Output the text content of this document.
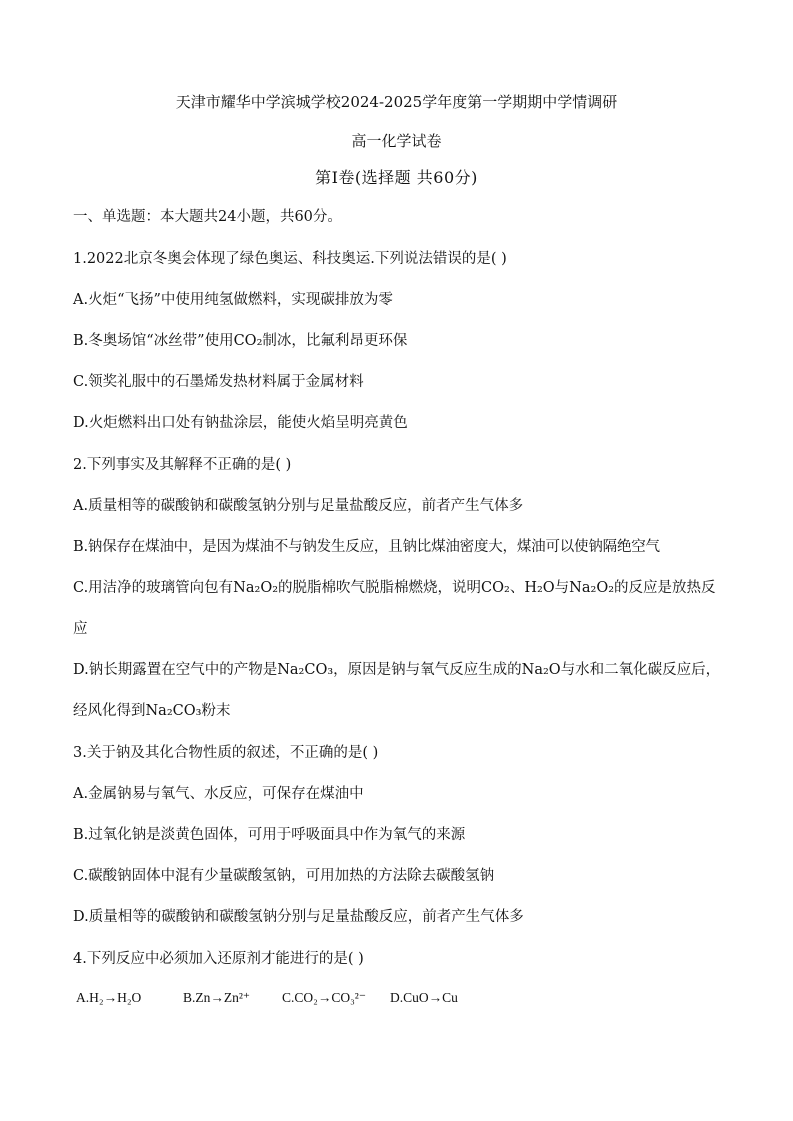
天津市耀华中学滨城学校2024-2025学年度第一学期期中学情调研
高一化学试卷
第Ⅰ卷(选择题 共60分)
一、单选题：本大题共24小题，共60分。
1.2022北京冬奥会体现了绿色奥运、科技奥运.下列说法错误的是( )
A.火炬“飞扬”中使用纯氢做燃料，实现碳排放为零
B.冬奥场馆“冰丝带”使用CO₂制冰，比氟利昂更环保
C.领奖礼服中的石墨烯发热材料属于金属材料
D.火炬燃料出口处有钠盐涂层，能使火焰呈明亮黄色
2.下列事实及其解释不正确的是( )
A.质量相等的碳酸钠和碳酸氢钠分别与足量盐酸反应，前者产生气体多
B.钠保存在煤油中，是因为煤油不与钠发生反应，且钠比煤油密度大，煤油可以使钠隔绝空气
C.用洁净的玻璃管向包有Na₂O₂的脱脂棉吹气脱脂棉燃烧，说明CO₂、H₂O与Na₂O₂的反应是放热反应
D.钠长期露置在空气中的产物是Na₂CO₃，原因是钠与氧气反应生成的Na₂O与水和二氧化碳反应后，经风化得到Na₂CO₃粉末
3.关于钠及其化合物性质的叙述，不正确的是( )
A.金属钠易与氧气、水反应，可保存在煤油中
B.过氧化钠是淡黄色固体，可用于呼吸面具中作为氧气的来源
C.碳酸钠固体中混有少量碳酸氢钠，可用加热的方法除去碳酸氢钠
D.质量相等的碳酸钠和碳酸氢钠分别与足量盐酸反应，前者产生气体多
4.下列反应中必须加入还原剂才能进行的是( )
A.H₂→H₂O	B.Zn→Zn²⁺ C.CO₂→CO₃²⁻ D.CuO→Cu
